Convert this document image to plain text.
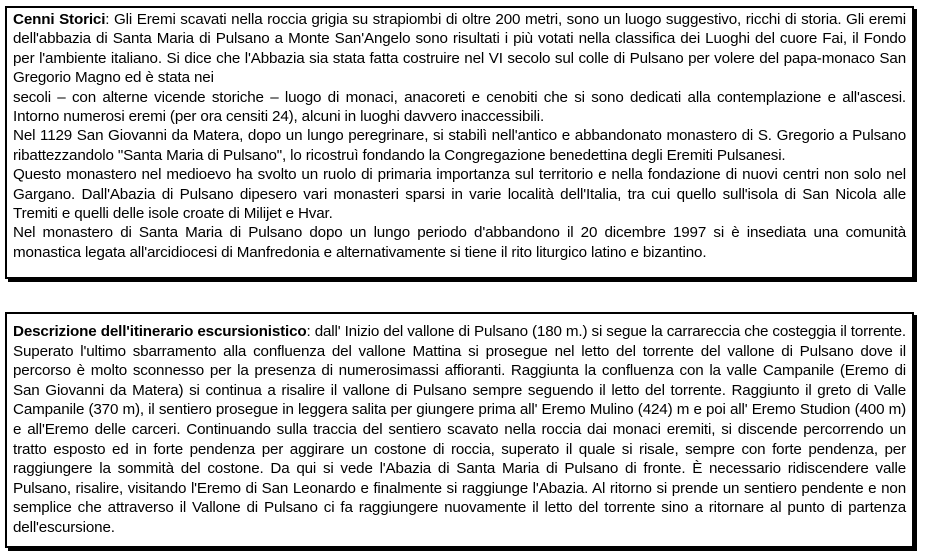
Cenni Storici: Gli Eremi scavati nella roccia grigia su strapiombi di oltre 200 metri, sono un luogo suggestivo, ricchi di storia. Gli eremi dell'abbazia di Santa Maria di Pulsano a Monte San'Angelo sono risultati i più votati nella classifica dei Luoghi del cuore Fai, il Fondo per l'ambiente italiano. Si dice che l'Abbazia sia stata fatta costruire nel VI secolo sul colle di Pulsano per volere del papa-monaco San Gregorio Magno ed è stata nei

secoli – con alterne vicende storiche – luogo di monaci, anacoreti e cenobiti che si sono dedicati alla contemplazione e all'ascesi. Intorno numerosi eremi (per ora censiti 24), alcuni in luoghi davvero inaccessibili.

Nel 1129 San Giovanni da Matera, dopo un lungo peregrinare, si stabilì nell'antico e abbandonato monastero di S. Gregorio a Pulsano ribattezzandolo "Santa Maria di Pulsano", lo ricostruì fondando la Congregazione benedettina degli Eremiti Pulsanesi.

Questo monastero nel medioevo ha svolto un ruolo di primaria importanza sul territorio e nella fondazione di nuovi centri non solo nel Gargano. Dall'Abazia di Pulsano dipesero vari monasteri sparsi in varie località dell'Italia, tra cui quello sull'isola di San Nicola alle Tremiti e quelli delle isole croate di Milijet e Hvar.

Nel monastero di Santa Maria di Pulsano dopo un lungo periodo d'abbandono il 20 dicembre 1997 si è insediata una comunità monastica legata all'arcidiocesi di Manfredonia e alternativamente si tiene il rito liturgico latino e bizantino.

Descrizione dell'itinerario escursionistico: dall' Inizio del vallone di Pulsano (180 m.) si segue la carrareccia che costeggia il torrente. Superato l'ultimo sbarramento alla confluenza del vallone Mattina si prosegue nel letto del torrente del vallone di Pulsano dove il percorso è molto sconnesso per la presenza di numerosimassi affioranti. Raggiunta la confluenza con la valle Campanile (Eremo di San Giovanni da Matera) si continua a risalire il vallone di Pulsano sempre seguendo il letto del torrente. Raggiunto il greto di Valle Campanile (370 m), il sentiero prosegue in leggera salita per giungere prima all' Eremo Mulino (424) m e poi all' Eremo Studion (400 m) e all'Eremo delle carceri. Continuando sulla traccia del sentiero scavato nella roccia dai monaci eremiti, si discende percorrendo un tratto esposto ed in forte pendenza per aggirare un costone di roccia, superato il quale si risale, sempre con forte pendenza, per raggiungere la sommità del costone. Da qui si vede l'Abazia di Santa Maria di Pulsano di fronte. È necessario ridiscendere valle Pulsano, risalire, visitando l'Eremo di San Leonardo e finalmente si raggiunge l'Abazia. Al ritorno si prende un sentiero pendente e non semplice che attraverso il Vallone di Pulsano ci fa raggiungere nuovamente il letto del torrente sino a ritornare al punto di partenza dell'escursione.
